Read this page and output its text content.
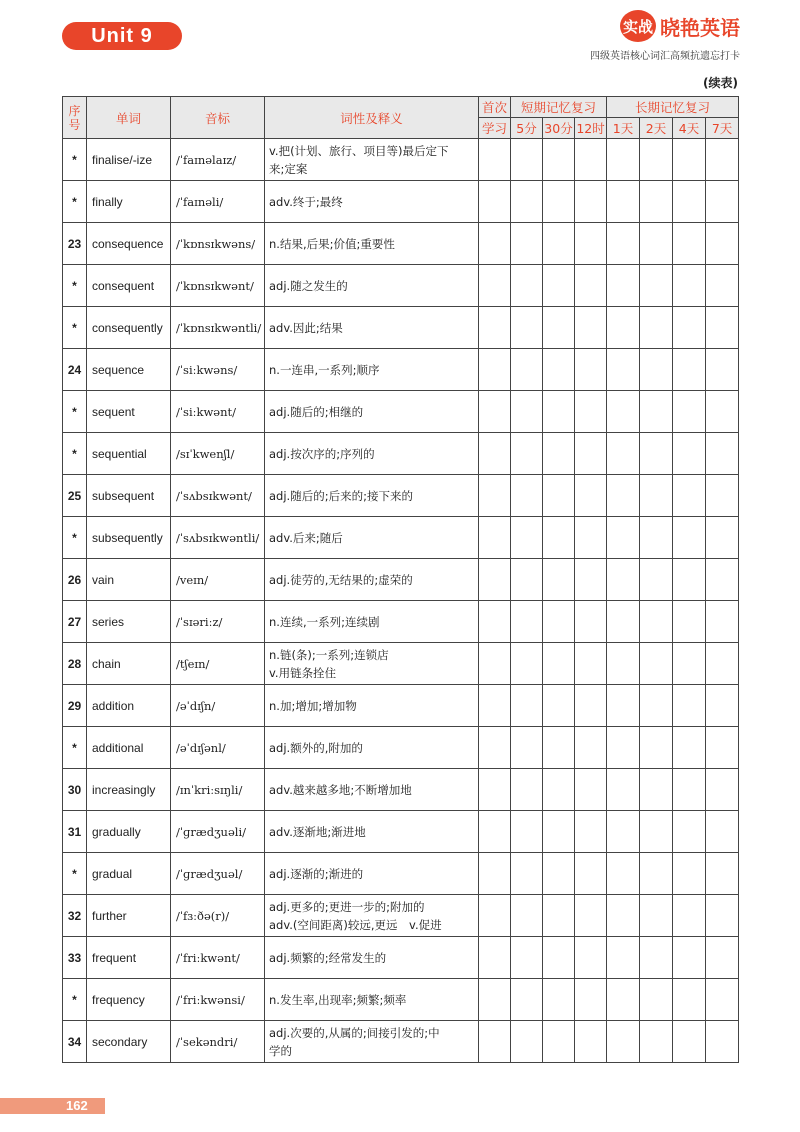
Unit 9	实战 晓艳英语
四级英语核心词汇高频抗遗忘打卡
(续表)
序
号	单词	音标	词性及释义	首次	短期记忆复习			长期记忆复习			
				学习	5分	30分	12时	1天	2天	4天	7天
*	finalise/-ize	/ˈfaɪnəlaɪz/	v.把(计划、旅行、项目等)最后定下
来;定案								

*	finally	/ˈfaɪnəli/	adv.终于;最终								

23	consequence	/ˈkɒnsɪkwəns/	n.结果,后果;价值;重要性								

*	consequent	/ˈkɒnsɪkwənt/	adj.随之发生的								

*	consequently	/ˈkɒnsɪkwəntli/	adv.因此;结果								

24	sequence	/ˈsiːkwəns/	n.一连串,一系列;顺序								

*	sequent	/ˈsiːkwənt/	adj.随后的;相继的								

*	sequential	/sɪˈkwenʃl/	adj.按次序的;序列的								

25	subsequent	/ˈsʌbsɪkwənt/	adj.随后的;后来的;接下来的								

*	subsequently	/ˈsʌbsɪkwəntli/	adv.后来;随后								

26	vain	/veɪn/	adj.徒劳的,无结果的;虚荣的								

27	series	/ˈsɪəriːz/	n.连续,一系列;连续剧								

28	chain	/tʃeɪn/	n.链(条);一系列;连锁店
v.用链条拴住								

29	addition	/əˈdɪʃn/	n.加;增加;增加物								

*	additional	/əˈdɪʃənl/	adj.额外的,附加的								

30	increasingly	/ɪnˈkriːsɪŋli/	adv.越来越多地;不断增加地								

31	gradually	/ˈɡrædʒuəli/	adv.逐渐地;渐进地								

*	gradual	/ˈɡrædʒuəl/	adj.逐渐的;渐进的								

32	further	/ˈfɜːðə(r)/	adj.更多的;更进一步的;附加的
adv.(空间距离)较远,更远　v.促进								

33	frequent	/ˈfriːkwənt/	adj.频繁的;经常发生的								

*	frequency	/ˈfriːkwənsi/	n.发生率,出现率;频繁;频率								

34	secondary	/ˈsekəndri/	adj.次要的,从属的;间接引发的;中
学的								

162
